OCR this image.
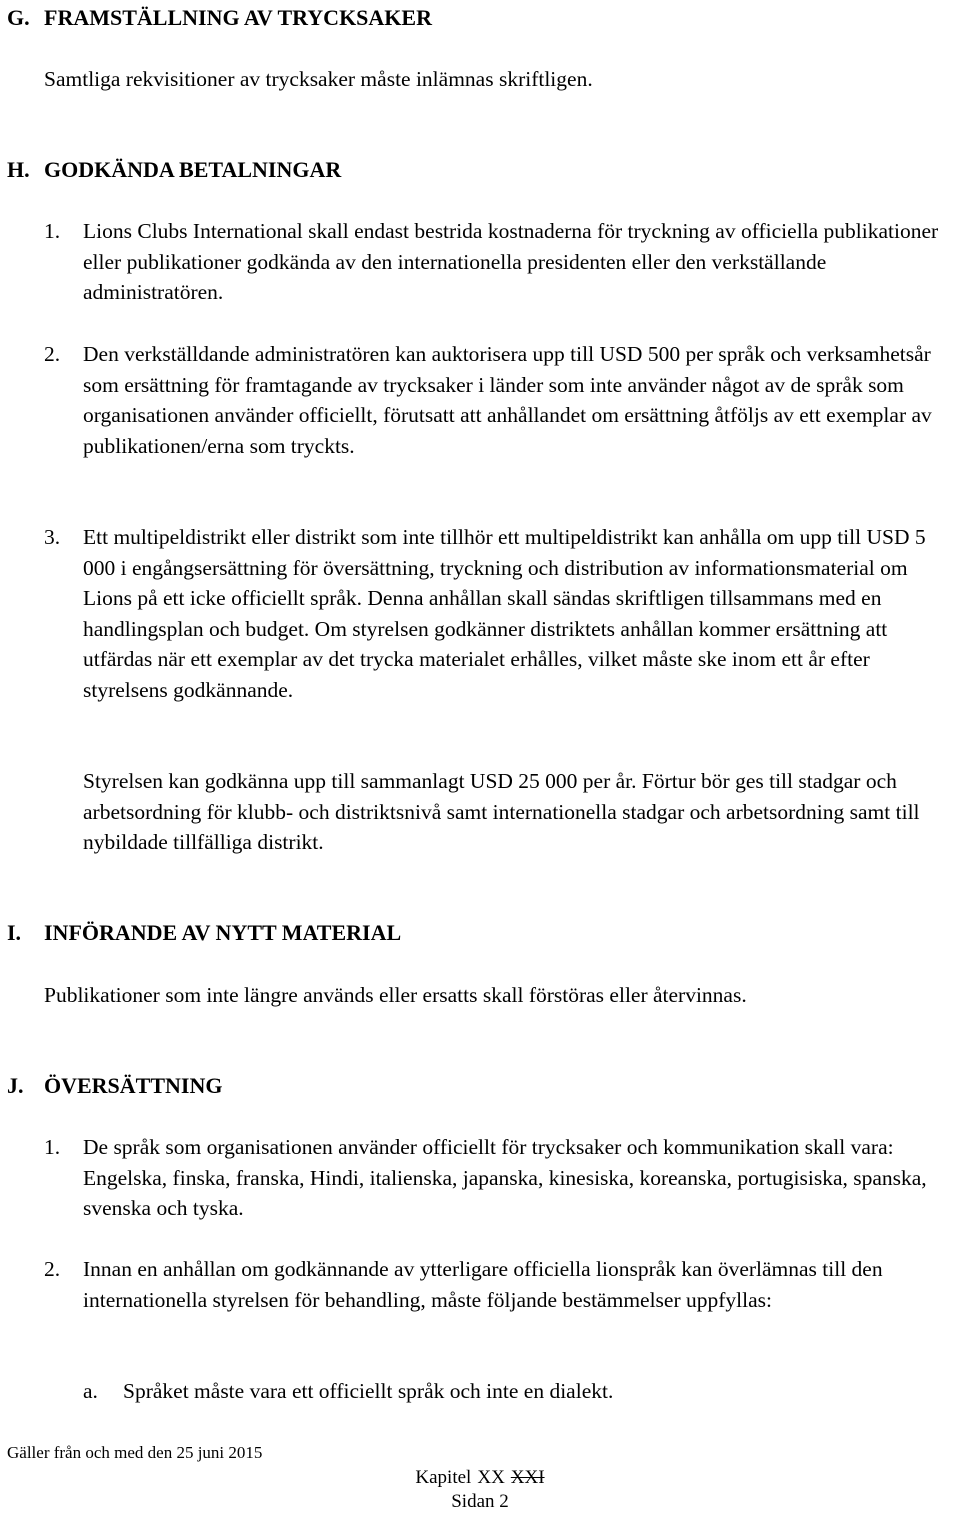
G. FRAMSTÄLLNING AV TRYCKSAKER

Samtliga rekvisitioner av trycksaker måste inlämnas skriftligen.

H. GODKÄNDA BETALNINGAR
1.	Lions Clubs International skall endast bestrida kostnaderna för tryckning av officiella publikationer eller publikationer godkända av den internationella presidenten eller den verkställande administratören.

2.	Den verkställdande administratören kan auktorisera upp till USD 500 per språk och verksamhetsår som ersättning för framtagande av trycksaker i länder som inte använder något av de språk som organisationen använder officiellt, förutsatt att anhållandet om ersättning åtföljs av ett exemplar av publikationen/erna som tryckts.

3.	Ett multipeldistrikt eller distrikt som inte tillhör ett multipeldistrikt kan anhålla om upp till USD 5 000 i engångsersättning för översättning, tryckning och distribution av informationsmaterial om Lions på ett icke officiellt språk. Denna anhållan skall sändas skriftligen tillsammans med en handlingsplan och budget. Om styrelsen godkänner distriktets anhållan kommer ersättning att utfärdas när ett exemplar av det trycka materialet erhålles, vilket måste ske inom ett år efter styrelsens godkännande.

Styrelsen kan godkänna upp till sammanlagt USD 25 000 per år. Förtur bör ges till stadgar och arbetsordning för klubb- och distriktsnivå samt internationella stadgar och arbetsordning samt till nybildade tillfälliga distrikt.

I. INFÖRANDE AV NYTT MATERIAL

Publikationer som inte längre används eller ersatts skall förstöras eller återvinnas.

J. ÖVERSÄTTNING
1.	De språk som organisationen använder officiellt för trycksaker och kommunikation skall vara: Engelska, finska, franska, Hindi, italienska, japanska, kinesiska, koreanska, portugisiska, spanska, svenska och tyska.

2.	Innan en anhållan om godkännande av ytterligare officiella lionspråk kan överlämnas till den internationella styrelsen för behandling, måste följande bestämmelser uppfyllas:

a.	Språket måste vara ett officiellt språk och inte en dialekt.
Gäller från och med den 25 juni 2015
Kapitel XX XXI
Sidan 2
